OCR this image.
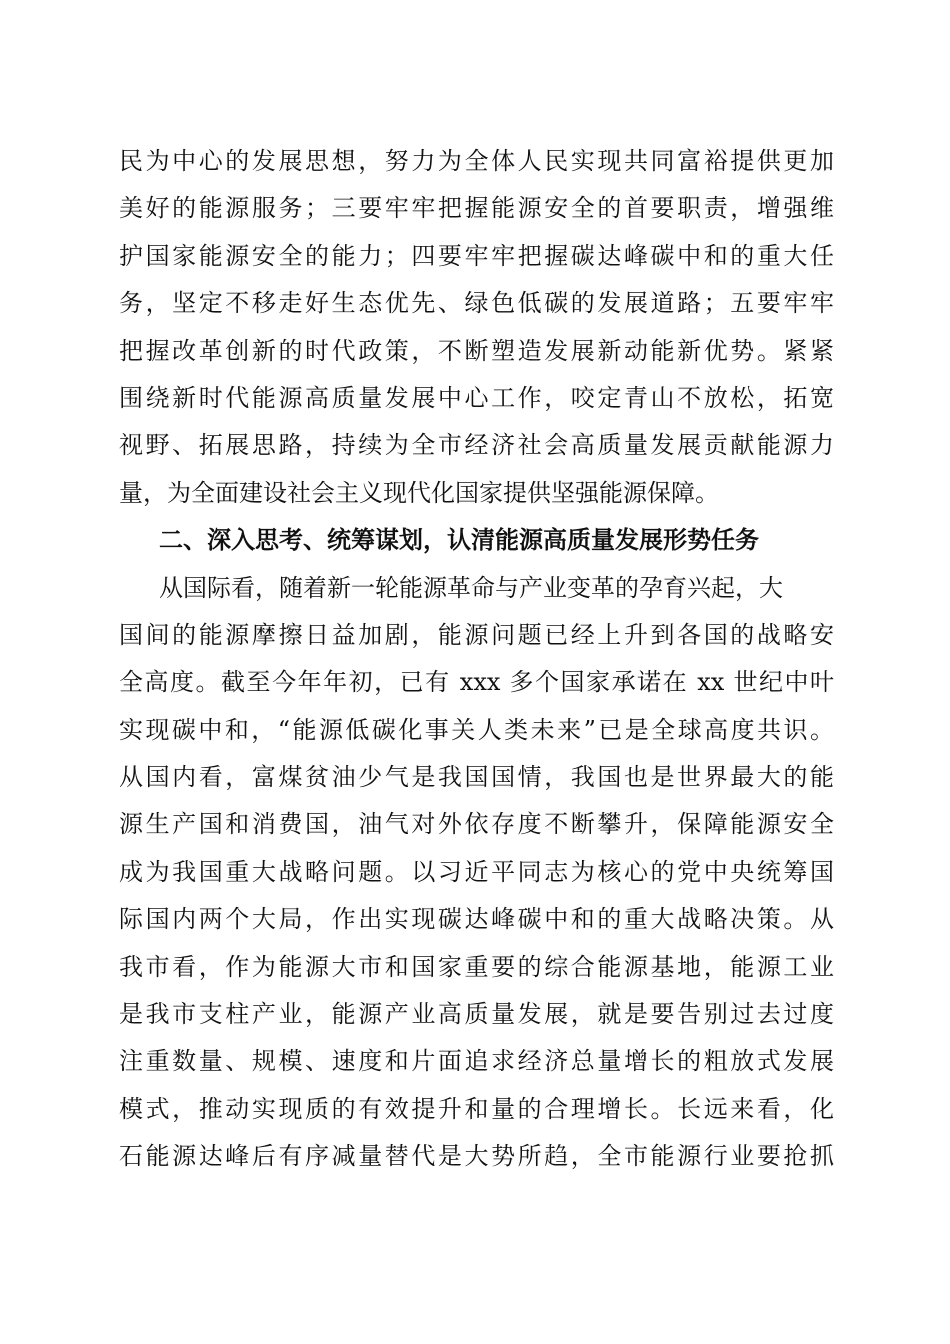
民为中心的发展思想，努力为全体人民实现共同富裕提供更加
美好的能源服务；三要牢牢把握能源安全的首要职责，增强维
护国家能源安全的能力；四要牢牢把握碳达峰碳中和的重大任
务，坚定不移走好生态优先、绿色低碳的发展道路；五要牢牢
把握改革创新的时代政策，不断塑造发展新动能新优势。紧紧
围绕新时代能源高质量发展中心工作，咬定青山不放松，拓宽
视野、拓展思路，持续为全市经济社会高质量发展贡献能源力
量，为全面建设社会主义现代化国家提供坚强能源保障。
二、深入思考、统筹谋划，认清能源高质量发展形势任务
从国际看，随着新一轮能源革命与产业变革的孕育兴起，大
国间的能源摩擦日益加剧，能源问题已经上升到各国的战略安
全高度。截至今年年初，已有 xxx 多个国家承诺在 xx 世纪中叶
实现碳中和，“能源低碳化事关人类未来”已是全球高度共识。
从国内看，富煤贫油少气是我国国情，我国也是世界最大的能
源生产国和消费国，油气对外依存度不断攀升，保障能源安全
成为我国重大战略问题。以习近平同志为核心的党中央统筹国
际国内两个大局，作出实现碳达峰碳中和的重大战略决策。从
我市看，作为能源大市和国家重要的综合能源基地，能源工业
是我市支柱产业，能源产业高质量发展，就是要告别过去过度
注重数量、规模、速度和片面追求经济总量增长的粗放式发展
模式，推动实现质的有效提升和量的合理增长。长远来看，化
石能源达峰后有序减量替代是大势所趋，全市能源行业要抢抓
